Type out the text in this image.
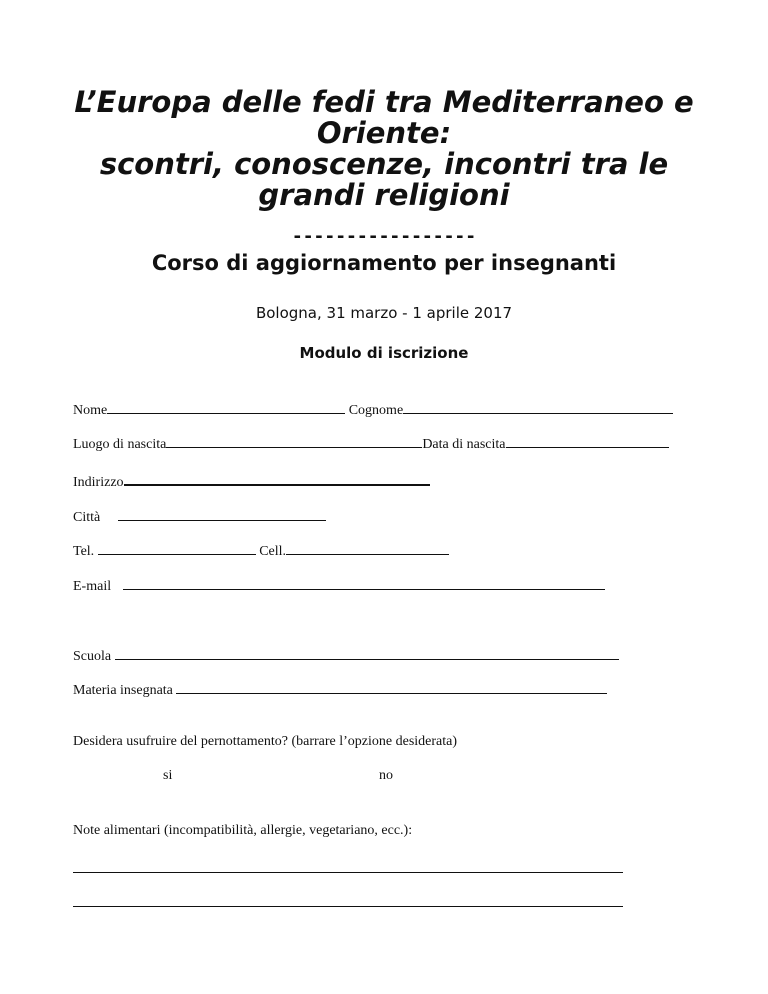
L’Europa delle fedi tra Mediterraneo e
Oriente:
scontri, conoscenze, incontri tra le
grandi religioni
-----------------
Corso di aggiornamento per insegnanti
Bologna, 31 marzo - 1 aprile 2017
Modulo di iscrizione
Nome	Cognome
Luogo di nascita	Data di nascita
Indirizzo
Città
Tel.	Cell.
E-mail
Scuola
Materia insegnata
Desidera usufruire del pernottamento? (barrare l’opzione desiderata)
si	no
Note alimentari (incompatibilità, allergie, vegetariano, ecc.):
